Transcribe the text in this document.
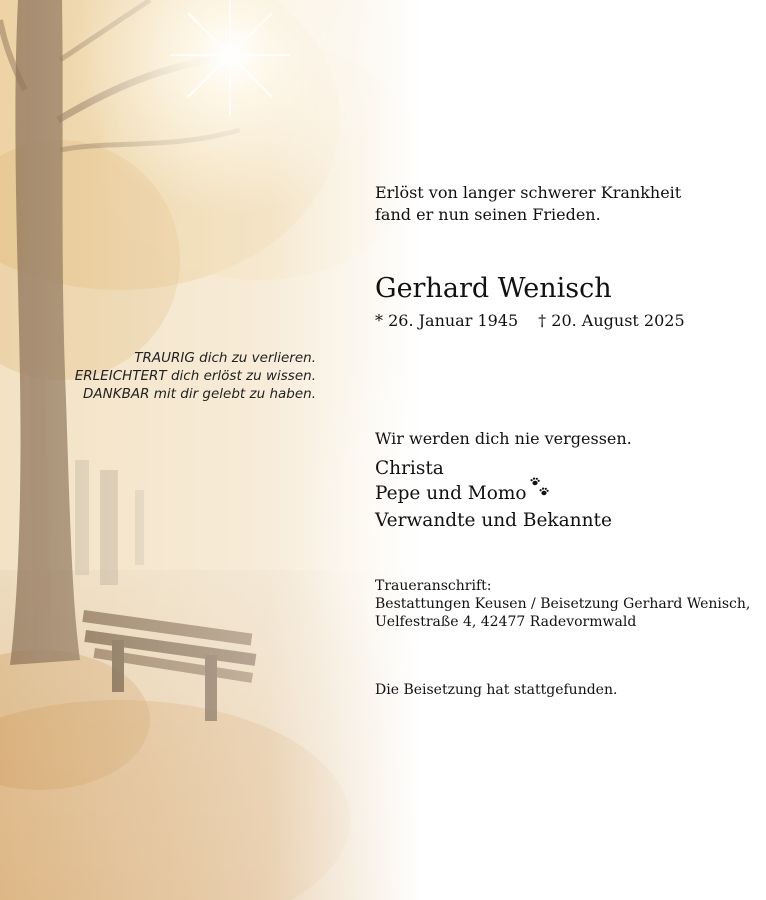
Erlöst von langer schwerer Krankheit
fand er nun seinen Frieden.
Gerhard Wenisch
* 26. Januar 1945 † 20. August 2025
TRAURIG dich zu verlieren.
ERLEICHTERT dich erlöst zu wissen.
DANKBAR mit dir gelebt zu haben.
Wir werden dich nie vergessen.
Christa
Pepe und Momo
Verwandte und Bekannte
Traueranschrift:
Bestattungen Keusen / Beisetzung Gerhard Wenisch,
Uelfestraße 4, 42477 Radevormwald
Die Beisetzung hat stattgefunden.
